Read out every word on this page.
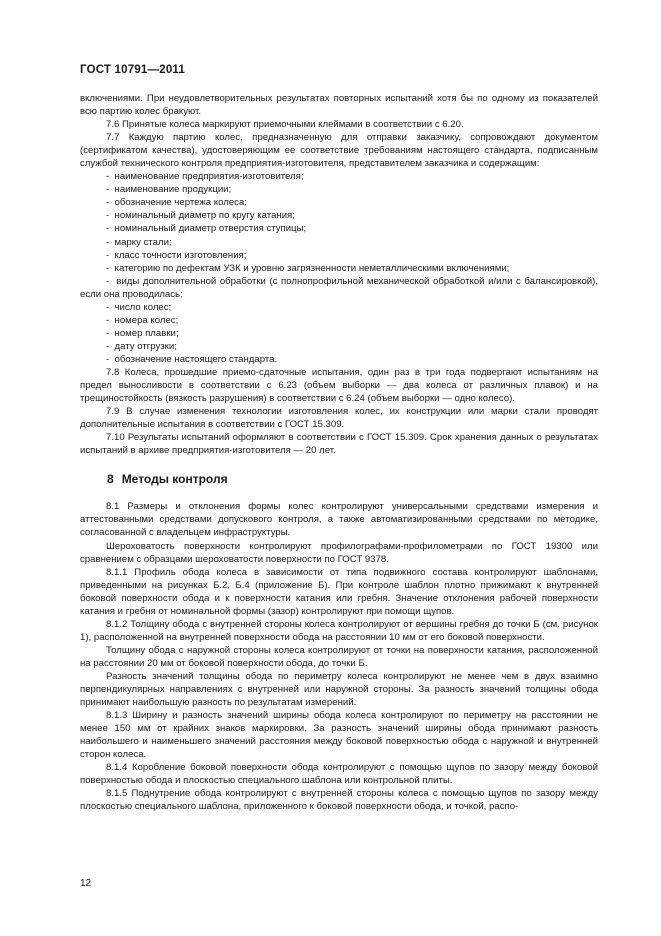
ГОСТ 10791—2011

включениями. При неудовлетворительных результатах повторных испытаний хотя бы по одному из показателей всю партию колес бракуют.

7.6 Принятые колеса маркируют приемочными клеймами в соответствии с 6.20.

7.7 Каждую партию колес, предназначенную для отправки заказчику, сопровождают документом (сертификатом качества), удостоверяющим ее соответствие требованиям настоящего стандарта, подписанным службой технического контроля предприятия-изготовителя, представителем заказчика и содержащим:

-  наименование предприятия-изготовителя;

-  наименование продукции;

-  обозначение чертежа колеса;

-  номинальный диаметр по кругу катания;

-  номинальный диаметр отверстия ступицы;

-  марку стали;

-  класс точности изготовления;

-  категорию по дефектам УЗК и уровню загрязненности неметаллическими включениями;

-  виды дополнительной обработки (с полнопрофильной механической обработкой и/или с балансировкой), если она проводилась;

-  число колес;

-  номера колес;

-  номер плавки;

-  дату отгрузки;

-  обозначение настоящего стандарта.

7.8 Колеса, прошедшие приемо-сдаточные испытания, один раз в три года подвергают испытаниям на предел выносливости в соответствии с 6.23 (объем выборки — два колеса от различных плавок) и на трещиностойкость (вязкость разрушения) в соответствии с 6.24 (объем выборки — одно колесо).

7.9 В случае изменения технологии изготовления колес, их конструкции или марки стали проводят дополнительные испытания в соответствии с ГОСТ 15.309.

7.10 Результаты испытаний оформляют в соответствии с ГОСТ 15.309. Срок хранения данных о результатах испытаний в архиве предприятия-изготовителя — 20 лет.

8 Методы контроля

8.1 Размеры и отклонения формы колес контролируют универсальными средствами измерения и аттестованными средствами допускового контроля, а также автоматизированными средствами по методике, согласованной с владельцем инфраструктуры.

Шероховатость поверхности контролируют профилографами-профилометрами по ГОСТ 19300 или сравнением с образцами шероховатости поверхности по ГОСТ 9378.

8.1.1 Профиль обода колеса в зависимости от типа подвижного состава контролируют шаблонами, приведенными на рисунках Б.2, Б.4 (приложение Б). При контроле шаблон плотно прижимают к внутренней боковой поверхности обода и к поверхности катания или гребня. Значение отклонения рабочей поверхности катания и гребня от номинальной формы (зазор) контролируют при помощи щупов.

8.1.2 Толщину обода с внутренней стороны колеса контролируют от вершины гребня до точки Б (см. рисунок 1), расположенной на внутренней поверхности обода на расстоянии 10 мм от его боковой поверхности.

Толщину обода с наружной стороны колеса контролируют от точки на поверхности катания, расположенной на расстоянии 20 мм от боковой поверхности обода, до точки Б.

Разность значений толщины обода по периметру колеса контролируют не менее чем в двух взаимно перпендикулярных направлениях с внутренней или наружной стороны. За разность значений толщины обода принимают наибольшую разность по результатам измерений.

8.1.3 Ширину и разность значений ширины обода колеса контролируют по периметру на расстоянии не менее 150 мм от крайних знаков маркировки. За разность значений ширины обода принимают разность наибольшего и наименьшего значений расстояния между боковой поверхностью обода с наружной и внутренней сторон колеса.

8.1.4 Коробление боковой поверхности обода контролируют с помощью щупов по зазору между боковой поверхностью обода и плоскостью специального шаблона или контрольной плиты.

8.1.5 Поднутрение обода контролируют с внутренней стороны колеса с помощью щупов по зазору между плоскостью специального шаблона, приложенного к боковой поверхности обода, и точкой, распо-

12
